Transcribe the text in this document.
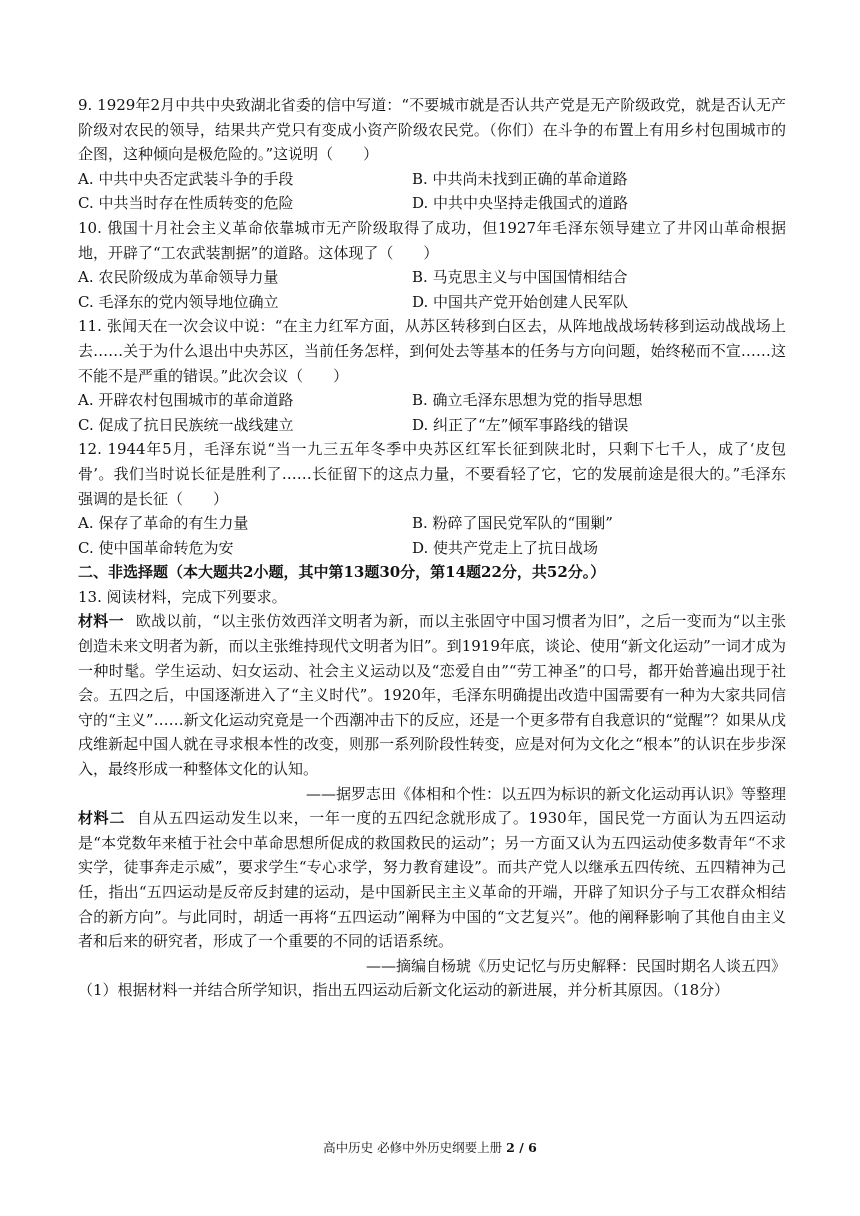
9. 1929年2月中共中央致湖北省委的信中写道：“不要城市就是否认共产党是无产阶级政党，就是否认无产阶级对农民的领导，结果共产党只有变成小资产阶级农民党。（你们）在斗争的布置上有用乡村包围城市的企图，这种倾向是极危险的。”这说明（　　）

A. 中共中央否定武装斗争的手段	B. 中共尚未找到正确的革命道路
C. 中共当时存在性质转变的危险	D. 中共中央坚持走俄国式的道路

10. 俄国十月社会主义革命依靠城市无产阶级取得了成功，但1927年毛泽东领导建立了井冈山革命根据地，开辟了“工农武装割据”的道路。这体现了（　　）

A. 农民阶级成为革命领导力量	B. 马克思主义与中国国情相结合
C. 毛泽东的党内领导地位确立	D. 中国共产党开始创建人民军队

11. 张闻天在一次会议中说：“在主力红军方面，从苏区转移到白区去，从阵地战战场转移到运动战战场上去……关于为什么退出中央苏区，当前任务怎样，到何处去等基本的任务与方向问题，始终秘而不宣……这不能不是严重的错误。”此次会议（　　）

A. 开辟农村包围城市的革命道路	B. 确立毛泽东思想为党的指导思想
C. 促成了抗日民族统一战线建立	D. 纠正了“左”倾军事路线的错误

12. 1944年5月，毛泽东说“当一九三五年冬季中央苏区红军长征到陕北时，只剩下七千人，成了‘皮包骨’。我们当时说长征是胜利了……长征留下的这点力量，不要看轻了它，它的发展前途是很大的。”毛泽东强调的是长征（　　）

A. 保存了革命的有生力量	B. 粉碎了国民党军队的“围剿”
C. 使中国革命转危为安	D. 使共产党走上了抗日战场

二、非选择题（本大题共2小题，其中第13题30分，第14题22分，共52分。）

13. 阅读材料，完成下列要求。

材料一 欧战以前，“以主张仿效西洋文明者为新，而以主张固守中国习惯者为旧”，之后一变而为“以主张创造未来文明者为新，而以主张维持现代文明者为旧”。到1919年底，谈论、使用“新文化运动”一词才成为一种时髦。学生运动、妇女运动、社会主义运动以及“恋爱自由”“劳工神圣”的口号，都开始普遍出现于社会。五四之后，中国逐渐进入了“主义时代”。1920年，毛泽东明确提出改造中国需要有一种为大家共同信守的“主义”……新文化运动究竟是一个西潮冲击下的反应，还是一个更多带有自我意识的“觉醒”？如果从戊戌维新起中国人就在寻求根本性的改变，则那一系列阶段性转变，应是对何为文化之“根本”的认识在步步深入，最终形成一种整体文化的认知。

——据罗志田《体相和个性：以五四为标识的新文化运动再认识》等整理

材料二 自从五四运动发生以来，一年一度的五四纪念就形成了。1930年，国民党一方面认为五四运动是“本党数年来植于社会中革命思想所促成的救国救民的运动”；另一方面又认为五四运动使多数青年“不求实学，徒事奔走示威”，要求学生“专心求学，努力教育建设”。而共产党人以继承五四传统、五四精神为己任，指出“五四运动是反帝反封建的运动，是中国新民主主义革命的开端，开辟了知识分子与工农群众相结合的新方向”。与此同时，胡适一再将“五四运动”阐释为中国的“文艺复兴”。他的阐释影响了其他自由主义者和后来的研究者，形成了一个重要的不同的话语系统。

——摘编自杨琥《历史记忆与历史解释：民国时期名人谈五四》

（1）根据材料一并结合所学知识，指出五四运动后新文化运动的新进展，并分析其原因。（18分）

高中历史 必修中外历史纲要上册 2 / 6
